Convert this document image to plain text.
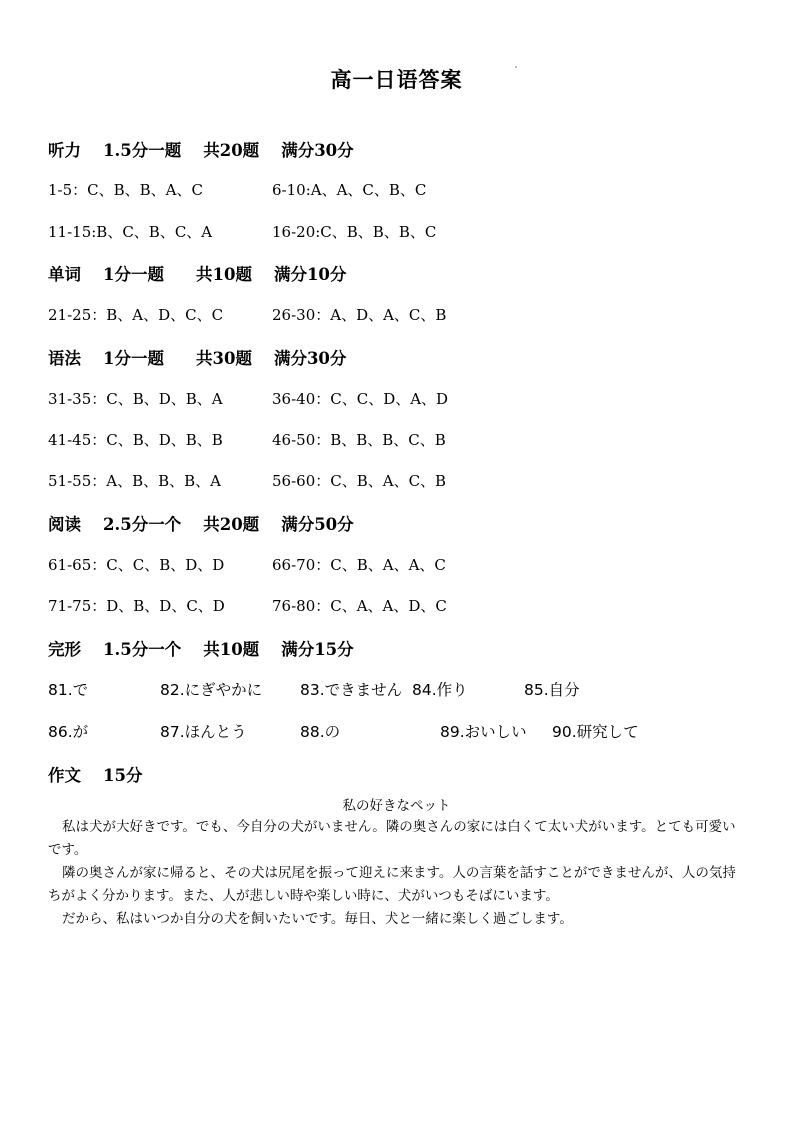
高一日语答案
听力 1.5分一题 共20题 满分30分
1-5：C、B、B、A、C	6-10:A、A、C、B、C
11-15:B、C、B、C、A	16-20:C、B、B、B、C
单词 1分一题 共10题 满分10分
21-25：B、A、D、C、C	26-30：A、D、A、C、B
语法 1分一题 共30题 满分30分
31-35：C、B、D、B、A	36-40：C、C、D、A、D
41-45：C、B、D、B、B	46-50：B、B、B、C、B
51-55：A、B、B、B、A	56-60：C、B、A、C、B
阅读 2.5分一个 共20题 满分50分
61-65：C、C、B、D、D	66-70：C、B、A、A、C
71-75：D、B、D、C、D	76-80：C、A、A、D、C
完形 1.5分一个 共10题 满分15分
81.で	82.にぎやかに 83.できません 84.作り	85.自分
86.が	87.ほんとう	88.の	89.おいしい 90.研究して
作文 15分
私の好きなペット

私は犬が大好きです。でも、今自分の犬がいません。隣の奥さんの家には白くて太い犬がいます。とても可愛いです。

隣の奥さんが家に帰ると、その犬は尻尾を振って迎えに来ます。人の言葉を話すことができませんが、人の気持ちがよく分かります。また、人が悲しい時や楽しい時に、犬がいつもそばにいます。

だから、私はいつか自分の犬を飼いたいです。毎日、犬と一緒に楽しく過ごします。
